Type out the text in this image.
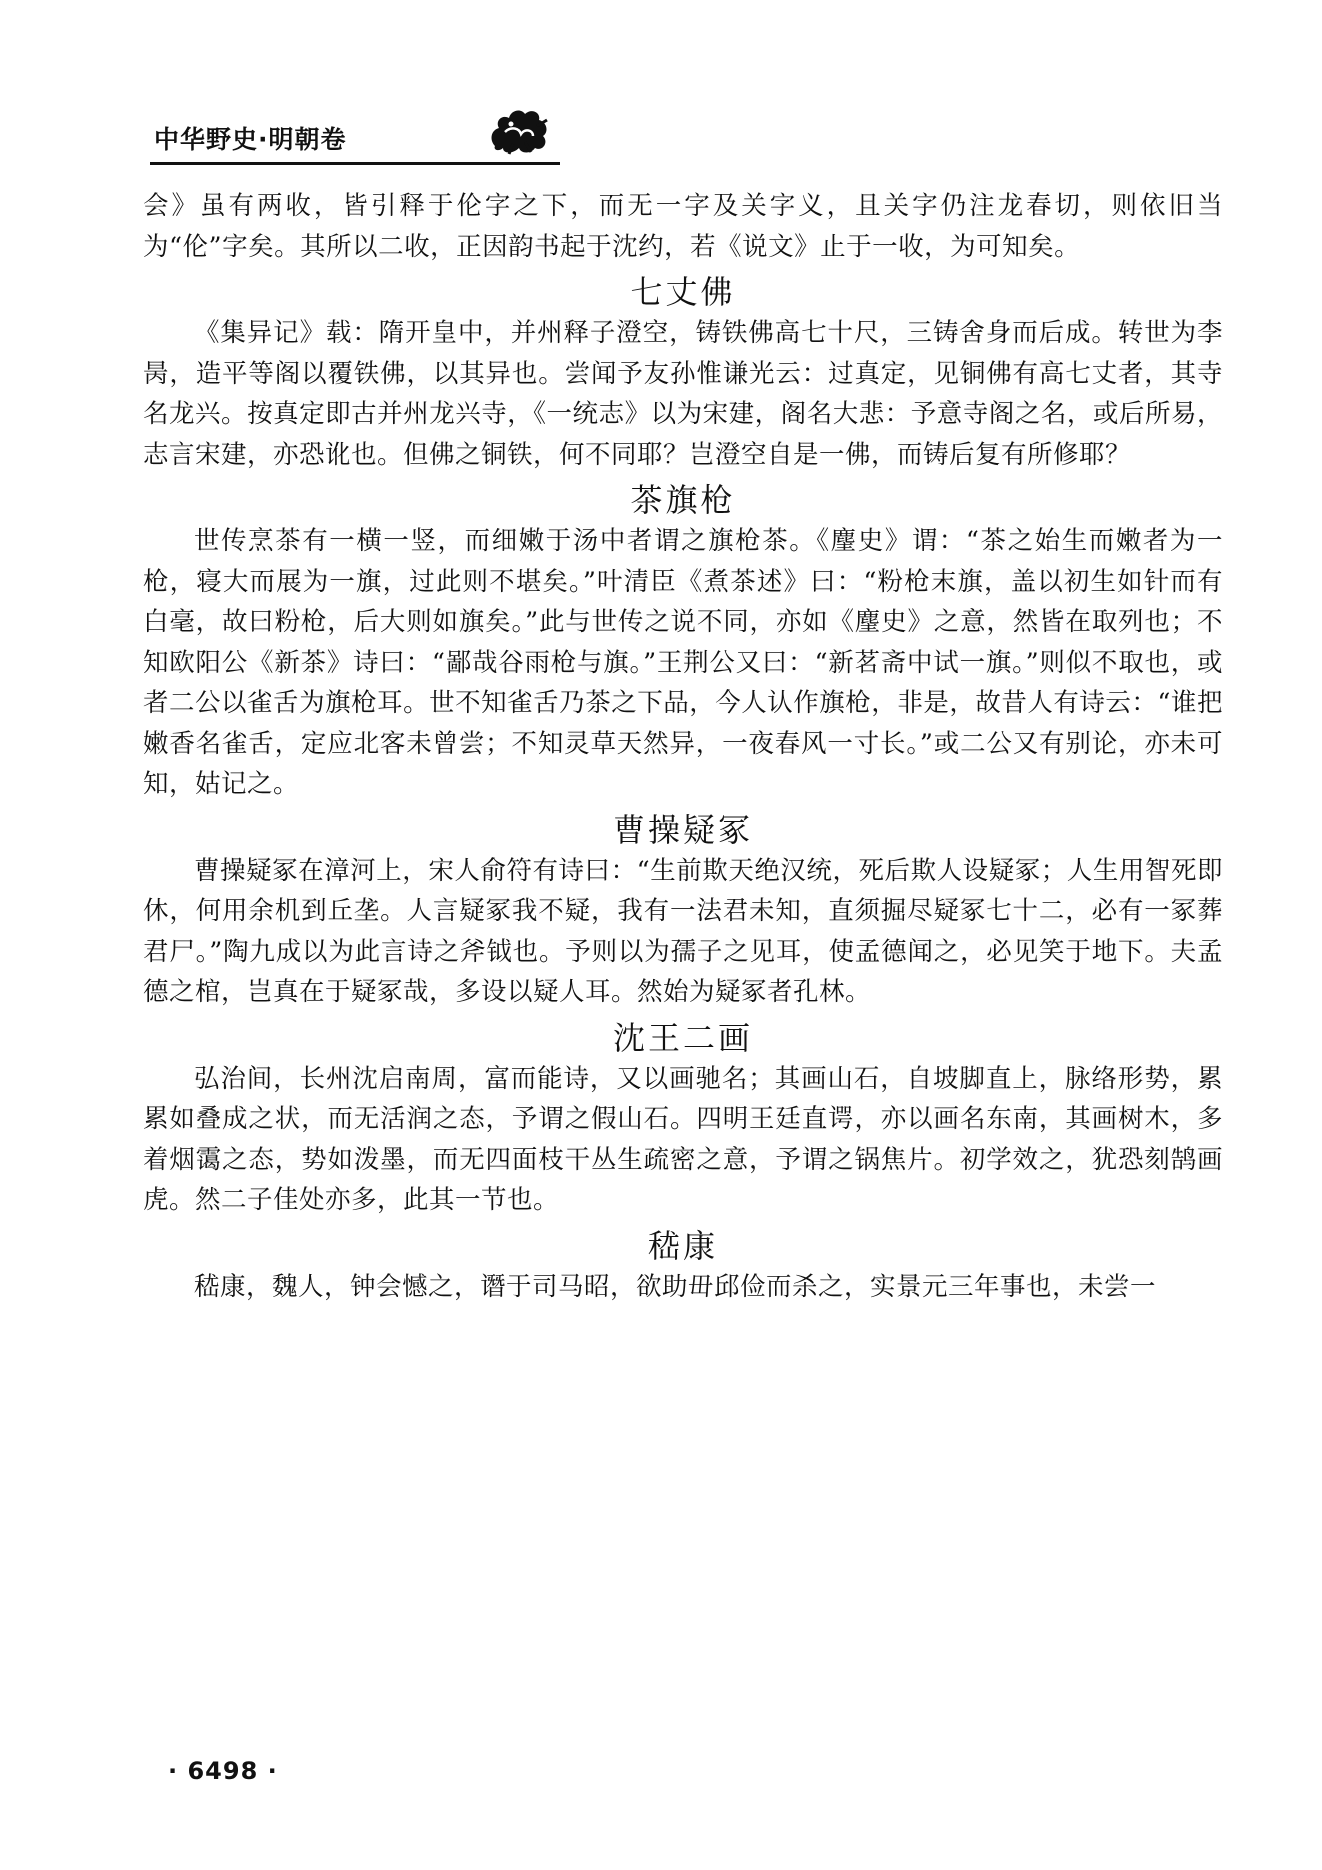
中华野史·明朝卷

会》虽有两收，皆引释于伦字之下，而无一字及关字义，且关字仍注龙春切，则依旧当为“伦”字矣。其所以二收，正因韵书起于沈约，若《说文》止于一收，为可知矣。

七丈佛

《集异记》载：隋开皇中，并州释子澄空，铸铁佛高七十尺，三铸舍身而后成。转世为李昺，造平等阁以覆铁佛，以其异也。尝闻予友孙惟谦光云：过真定，见铜佛有高七丈者，其寺名龙兴。按真定即古并州龙兴寺，《一统志》以为宋建，阁名大悲：予意寺阁之名，或后所易，志言宋建，亦恐讹也。但佛之铜铁，何不同耶？岂澄空自是一佛，而铸后复有所修耶？

茶旗枪

世传烹茶有一横一竖，而细嫩于汤中者谓之旗枪茶。《麈史》谓：“茶之始生而嫩者为一枪，寝大而展为一旗，过此则不堪矣。”叶清臣《煮茶述》曰：“粉枪末旗，盖以初生如针而有白毫，故曰粉枪，后大则如旗矣。”此与世传之说不同，亦如《麈史》之意，然皆在取列也；不知欧阳公《新茶》诗曰：“鄙哉谷雨枪与旗。”王荆公又曰：“新茗斋中试一旗。”则似不取也，或者二公以雀舌为旗枪耳。世不知雀舌乃茶之下品，今人认作旗枪，非是，故昔人有诗云：“谁把嫩香名雀舌，定应北客未曾尝；不知灵草天然异，一夜春风一寸长。”或二公又有别论，亦未可知，姑记之。

曹操疑冢

曹操疑冢在漳河上，宋人俞符有诗曰：“生前欺天绝汉统，死后欺人设疑冢；人生用智死即休，何用余机到丘垄。人言疑冢我不疑，我有一法君未知，直须掘尽疑冢七十二，必有一冢葬君尸。”陶九成以为此言诗之斧钺也。予则以为孺子之见耳，使孟德闻之，必见笑于地下。夫孟德之棺，岂真在于疑冢哉，多设以疑人耳。然始为疑冢者孔林。

沈王二画

弘治间，长州沈启南周，富而能诗，又以画驰名；其画山石，自坡脚直上，脉络形势，累累如叠成之状，而无活润之态，予谓之假山石。四明王廷直谔，亦以画名东南，其画树木，多着烟霭之态，势如泼墨，而无四面枝干丛生疏密之意，予谓之锅焦片。初学效之，犹恐刻鹄画虎。然二子佳处亦多，此其一节也。

嵇康

嵇康，魏人，钟会憾之，谮于司马昭，欲助毌邱俭而杀之，实景元三年事也，未尝一

· 6498 ·
